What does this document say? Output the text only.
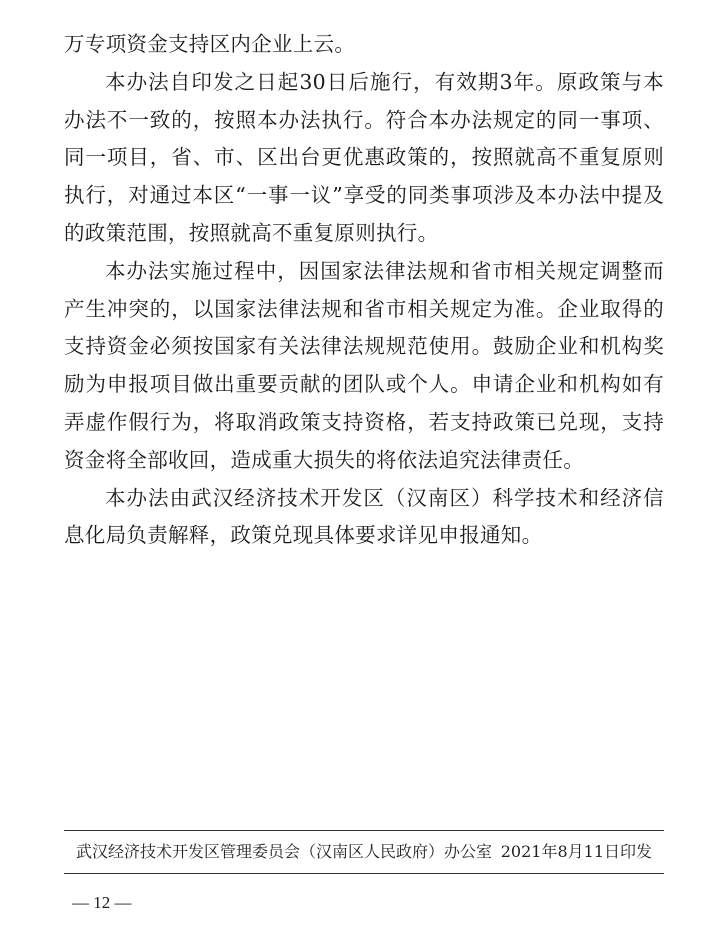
万专项资金支持区内企业上云。

本办法自印发之日起30日后施行，有效期3年。原政策与本办法不一致的，按照本办法执行。符合本办法规定的同一事项、同一项目，省、市、区出台更优惠政策的，按照就高不重复原则执行，对通过本区“一事一议”享受的同类事项涉及本办法中提及的政策范围，按照就高不重复原则执行。

本办法实施过程中，因国家法律法规和省市相关规定调整而产生冲突的，以国家法律法规和省市相关规定为准。企业取得的支持资金必须按国家有关法律法规规范使用。鼓励企业和机构奖励为申报项目做出重要贡献的团队或个人。申请企业和机构如有弄虚作假行为，将取消政策支持资格，若支持政策已兑现，支持资金将全部收回，造成重大损失的将依法追究法律责任。

本办法由武汉经济技术开发区（汉南区）科学技术和经济信息化局负责解释，政策兑现具体要求详见申报通知。

武汉经济技术开发区管理委员会（汉南区人民政府）办公室 2021年8月11日印发
— 12 —
